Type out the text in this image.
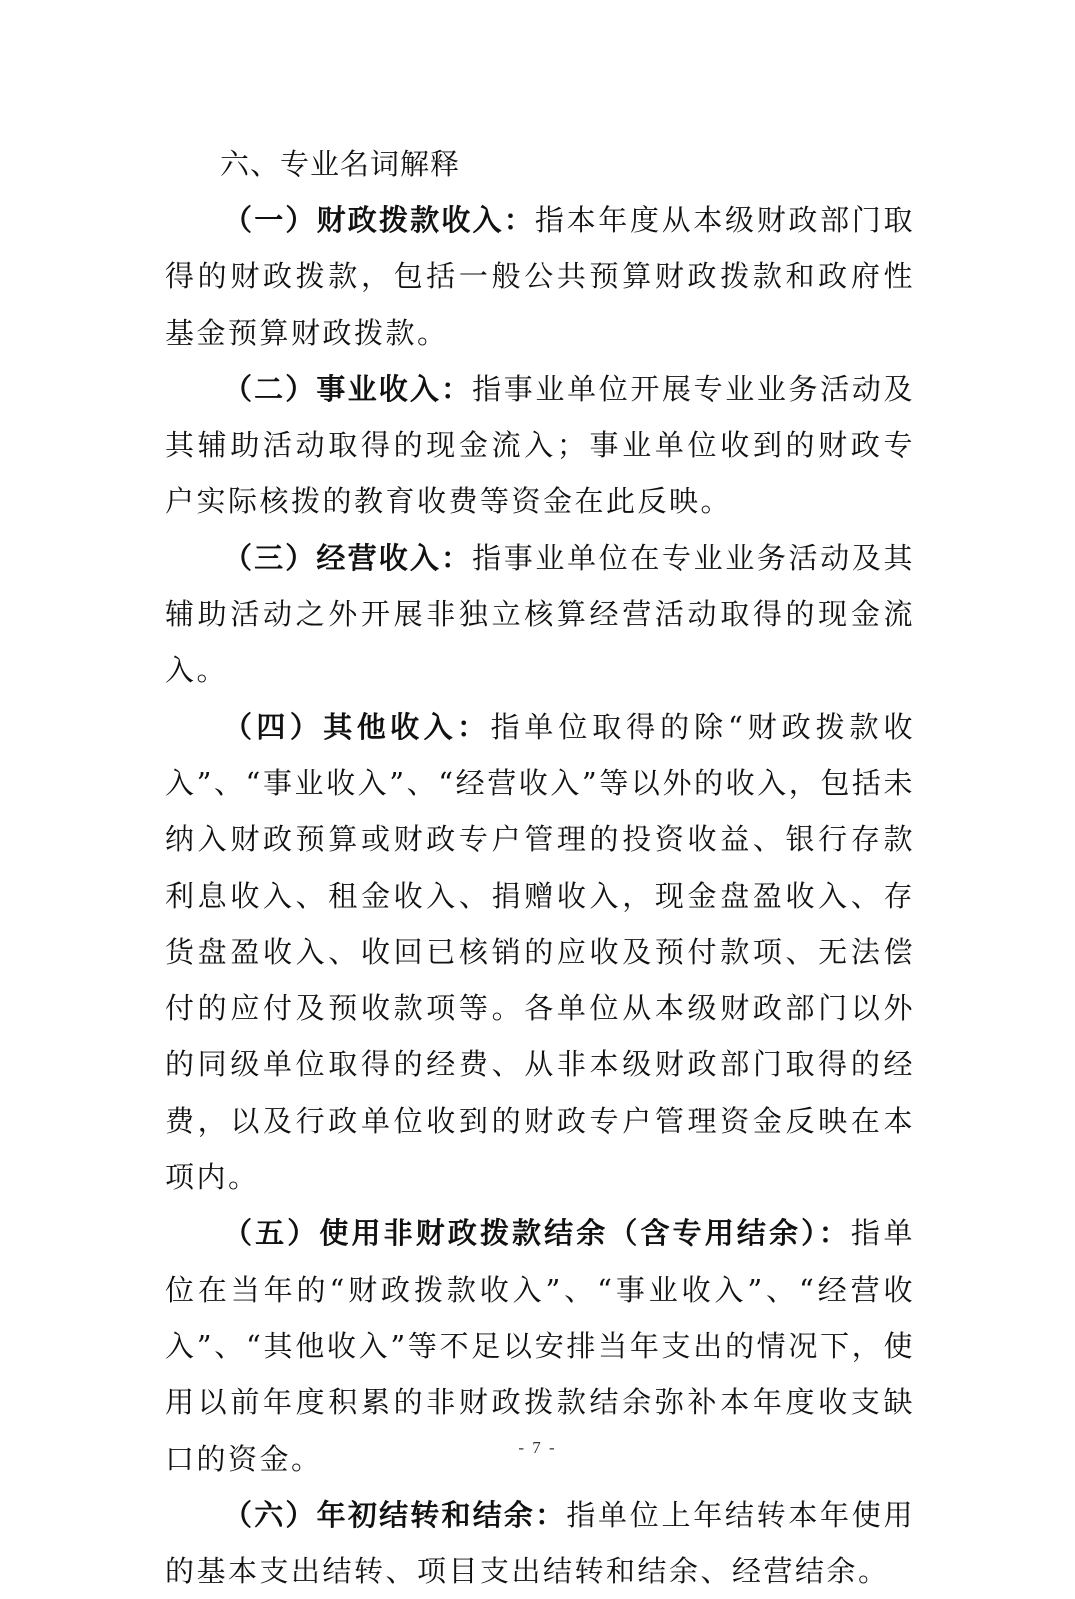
六、专业名词解释

（一）财政拨款收入：指本年度从本级财政部门取得的财政拨款，包括一般公共预算财政拨款和政府性基金预算财政拨款。

（二）事业收入：指事业单位开展专业业务活动及其辅助活动取得的现金流入；事业单位收到的财政专户实际核拨的教育收费等资金在此反映。

（三）经营收入：指事业单位在专业业务活动及其辅助活动之外开展非独立核算经营活动取得的现金流入。

（四）其他收入：指单位取得的除“财政拨款收入”、“事业收入”、“经营收入”等以外的收入，包括未纳入财政预算或财政专户管理的投资收益、银行存款利息收入、租金收入、捐赠收入，现金盘盈收入、存货盘盈收入、收回已核销的应收及预付款项、无法偿付的应付及预收款项等。各单位从本级财政部门以外的同级单位取得的经费、从非本级财政部门取得的经费，以及行政单位收到的财政专户管理资金反映在本项内。

（五）使用非财政拨款结余（含专用结余）：指单位在当年的“财政拨款收入”、“事业收入”、“经营收入”、“其他收入”等不足以安排当年支出的情况下，使用以前年度积累的非财政拨款结余弥补本年度收支缺口的资金。

（六）年初结转和结余：指单位上年结转本年使用的基本支出结转、项目支出结转和结余、经营结余。

- 7 -
